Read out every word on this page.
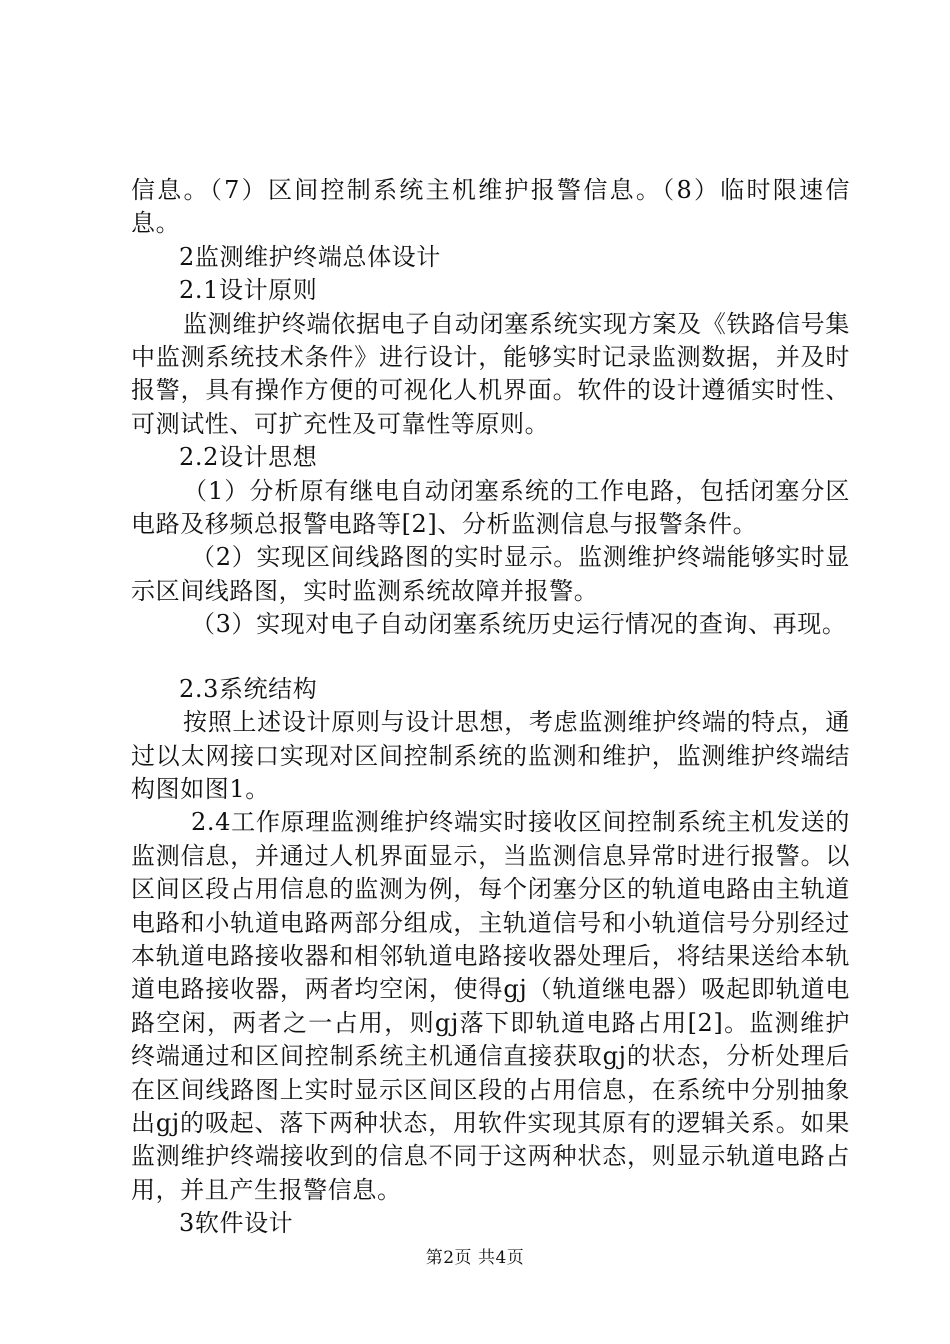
信息。（7）区间控制系统主机维护报警信息。（8）临时限速信息。

2监测维护终端总体设计

2.1设计原则

监测维护终端依据电子自动闭塞系统实现方案及《铁路信号集中监测系统技术条件》进行设计，能够实时记录监测数据，并及时报警，具有操作方便的可视化人机界面。软件的设计遵循实时性、可测试性、可扩充性及可靠性等原则。

2.2设计思想

（1）分析原有继电自动闭塞系统的工作电路，包括闭塞分区电路及移频总报警电路等[2]、分析监测信息与报警条件。

（2）实现区间线路图的实时显示。监测维护终端能够实时显示区间线路图，实时监测系统故障并报警。

（3）实现对电子自动闭塞系统历史运行情况的查询、再现。

2.3系统结构

按照上述设计原则与设计思想，考虑监测维护终端的特点，通过以太网接口实现对区间控制系统的监测和维护，监测维护终端结构图如图1。

2.4工作原理监测维护终端实时接收区间控制系统主机发送的监测信息，并通过人机界面显示，当监测信息异常时进行报警。以区间区段占用信息的监测为例，每个闭塞分区的轨道电路由主轨道电路和小轨道电路两部分组成，主轨道信号和小轨道信号分别经过本轨道电路接收器和相邻轨道电路接收器处理后，将结果送给本轨道电路接收器，两者均空闲，使得gj（轨道继电器）吸起即轨道电路空闲，两者之一占用，则gj落下即轨道电路占用[2]。监测维护终端通过和区间控制系统主机通信直接获取gj的状态，分析处理后在区间线路图上实时显示区间区段的占用信息，在系统中分别抽象出gj的吸起、落下两种状态，用软件实现其原有的逻辑关系。如果监测维护终端接收到的信息不同于这两种状态，则显示轨道电路占用，并且产生报警信息。

3软件设计

第2页 共4页
